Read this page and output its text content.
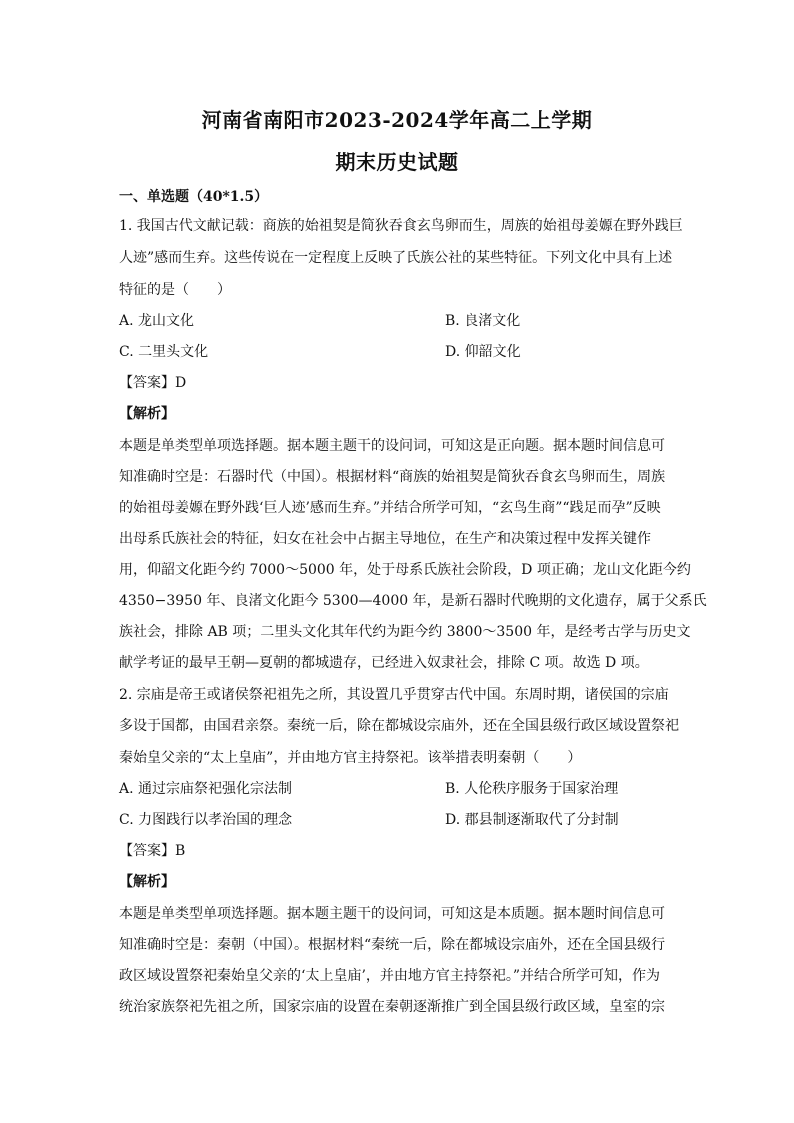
河南省南阳市2023-2024学年高二上学期
期末历史试题
一、单选题（40*1.5）
1. 我国古代文献记载：商族的始祖契是简狄吞食玄鸟卵而生，周族的始祖母姜嫄在野外践巨
人迹”感而生弃。这些传说在一定程度上反映了氏族公社的某些特征。下列文化中具有上述
特征的是（　　）
A. 龙山文化	B. 良渚文化
C. 二里头文化	D. 仰韶文化
【答案】D
【解析】
本题是单类型单项选择题。据本题主题干的设问词，可知这是正向题。据本题时间信息可
知准确时空是：石器时代（中国）。根据材料“商族的始祖契是简狄吞食玄鸟卵而生，周族
的始祖母姜嫄在野外践‘巨人迹’感而生弃。”并结合所学可知，“玄鸟生商”“践足而孕”反映
出母系氏族社会的特征，妇女在社会中占据主导地位，在生产和决策过程中发挥关键作
用，仰韶文化距今约 7000～5000 年，处于母系氏族社会阶段，D 项正确；龙山文化距今约
4350−3950 年、良渚文化距今 5300—4000 年，是新石器时代晚期的文化遗存，属于父系氏
族社会，排除 AB 项；二里头文化其年代约为距今约 3800～3500 年，是经考古学与历史文
献学考证的最早王朝—夏朝的都城遗存，已经进入奴隶社会，排除 C 项。故选 D 项。
2. 宗庙是帝王或诸侯祭祀祖先之所，其设置几乎贯穿古代中国。东周时期，诸侯国的宗庙
多设于国都，由国君亲祭。秦统一后，除在都城设宗庙外，还在全国县级行政区域设置祭祀
秦始皇父亲的“太上皇庙”，并由地方官主持祭祀。该举措表明秦朝（　　）
A. 通过宗庙祭祀强化宗法制	B. 人伦秩序服务于国家治理
C. 力图践行以孝治国的理念	D. 郡县制逐渐取代了分封制
【答案】B
【解析】
本题是单类型单项选择题。据本题主题干的设问词，可知这是本质题。据本题时间信息可
知准确时空是：秦朝（中国）。根据材料“秦统一后，除在都城设宗庙外，还在全国县级行
政区域设置祭祀秦始皇父亲的‘太上皇庙’，并由地方官主持祭祀。”并结合所学可知，作为
统治家族祭祀先祖之所，国家宗庙的设置在秦朝逐渐推广到全国县级行政区域，皇室的宗
